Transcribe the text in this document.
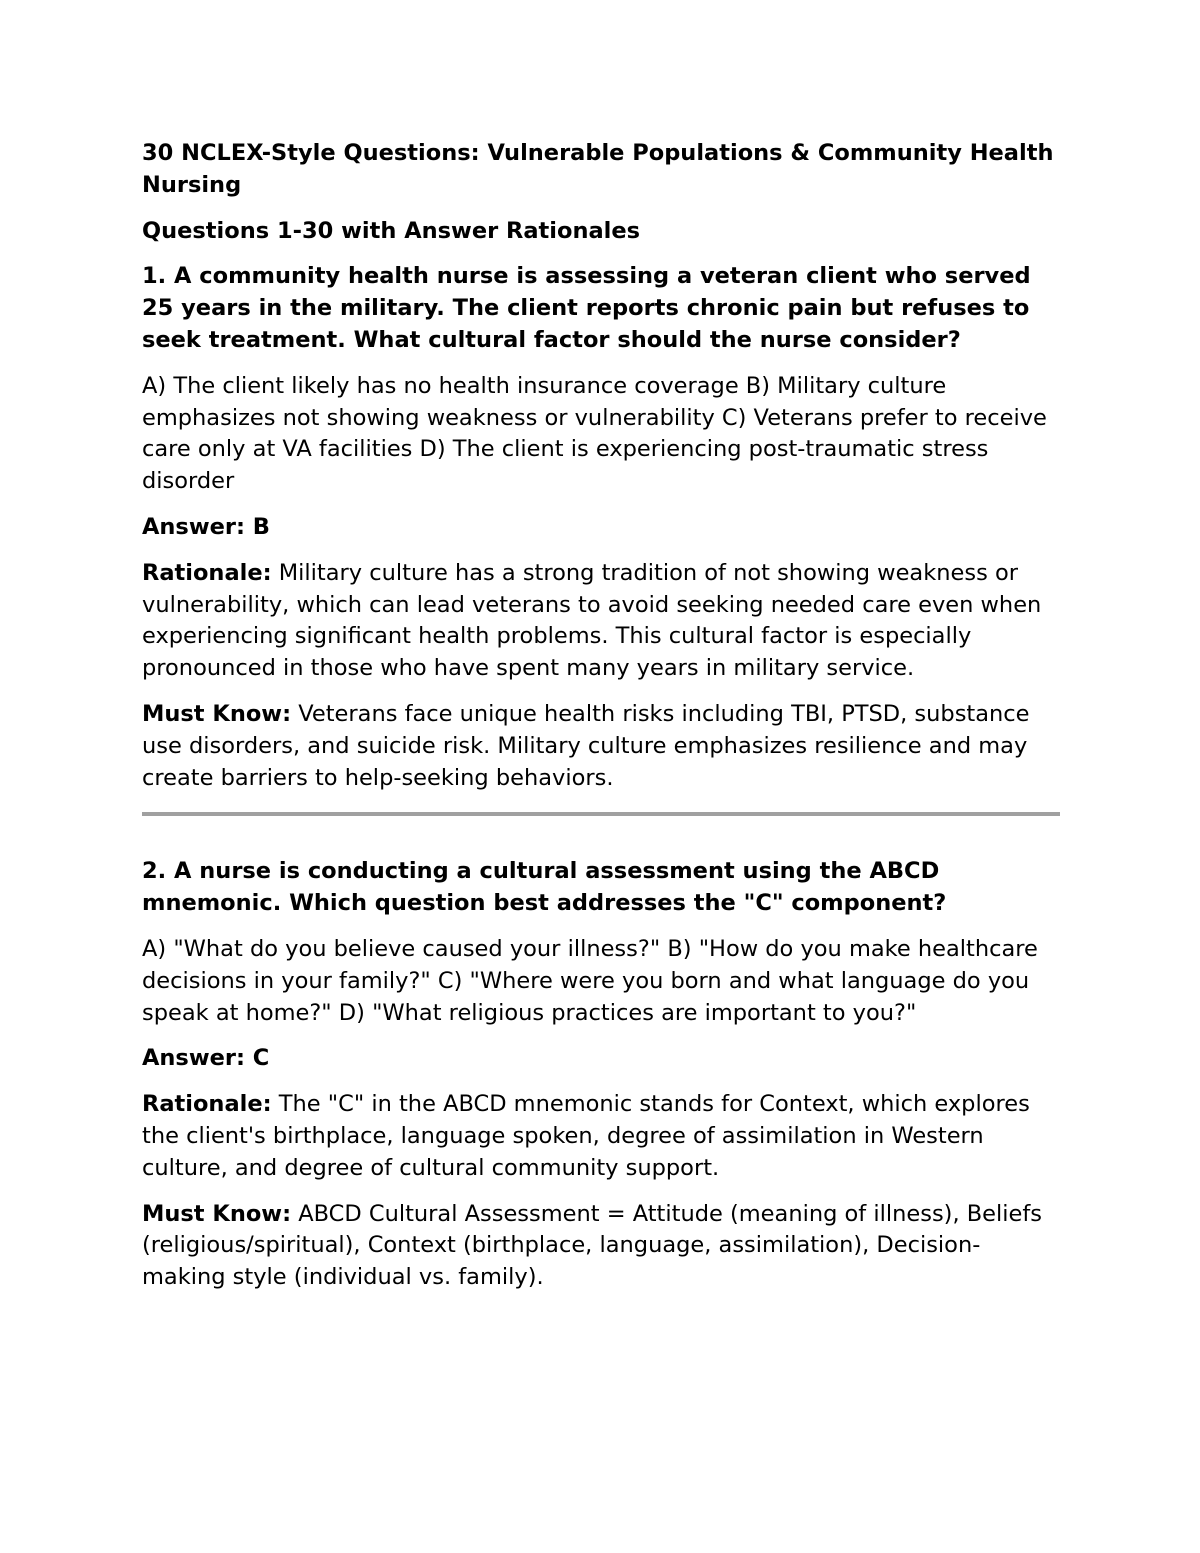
30 NCLEX-Style Questions: Vulnerable Populations & Community Health Nursing
Questions 1-30 with Answer Rationales
1. A community health nurse is assessing a veteran client who served 25 years in the military. The client reports chronic pain but refuses to seek treatment. What cultural factor should the nurse consider?
A) The client likely has no health insurance coverage B) Military culture emphasizes not showing weakness or vulnerability C) Veterans prefer to receive care only at VA facilities D) The client is experiencing post-traumatic stress disorder
Answer: B
Rationale: Military culture has a strong tradition of not showing weakness or vulnerability, which can lead veterans to avoid seeking needed care even when experiencing significant health problems. This cultural factor is especially pronounced in those who have spent many years in military service.
Must Know: Veterans face unique health risks including TBI, PTSD, substance use disorders, and suicide risk. Military culture emphasizes resilience and may create barriers to help-seeking behaviors.
2. A nurse is conducting a cultural assessment using the ABCD mnemonic. Which question best addresses the "C" component?
A) "What do you believe caused your illness?" B) "How do you make healthcare decisions in your family?" C) "Where were you born and what language do you speak at home?" D) "What religious practices are important to you?"
Answer: C
Rationale: The "C" in the ABCD mnemonic stands for Context, which explores the client's birthplace, language spoken, degree of assimilation in Western culture, and degree of cultural community support.
Must Know: ABCD Cultural Assessment = Attitude (meaning of illness), Beliefs (religious/spiritual), Context (birthplace, language, assimilation), Decision-making style (individual vs. family).
